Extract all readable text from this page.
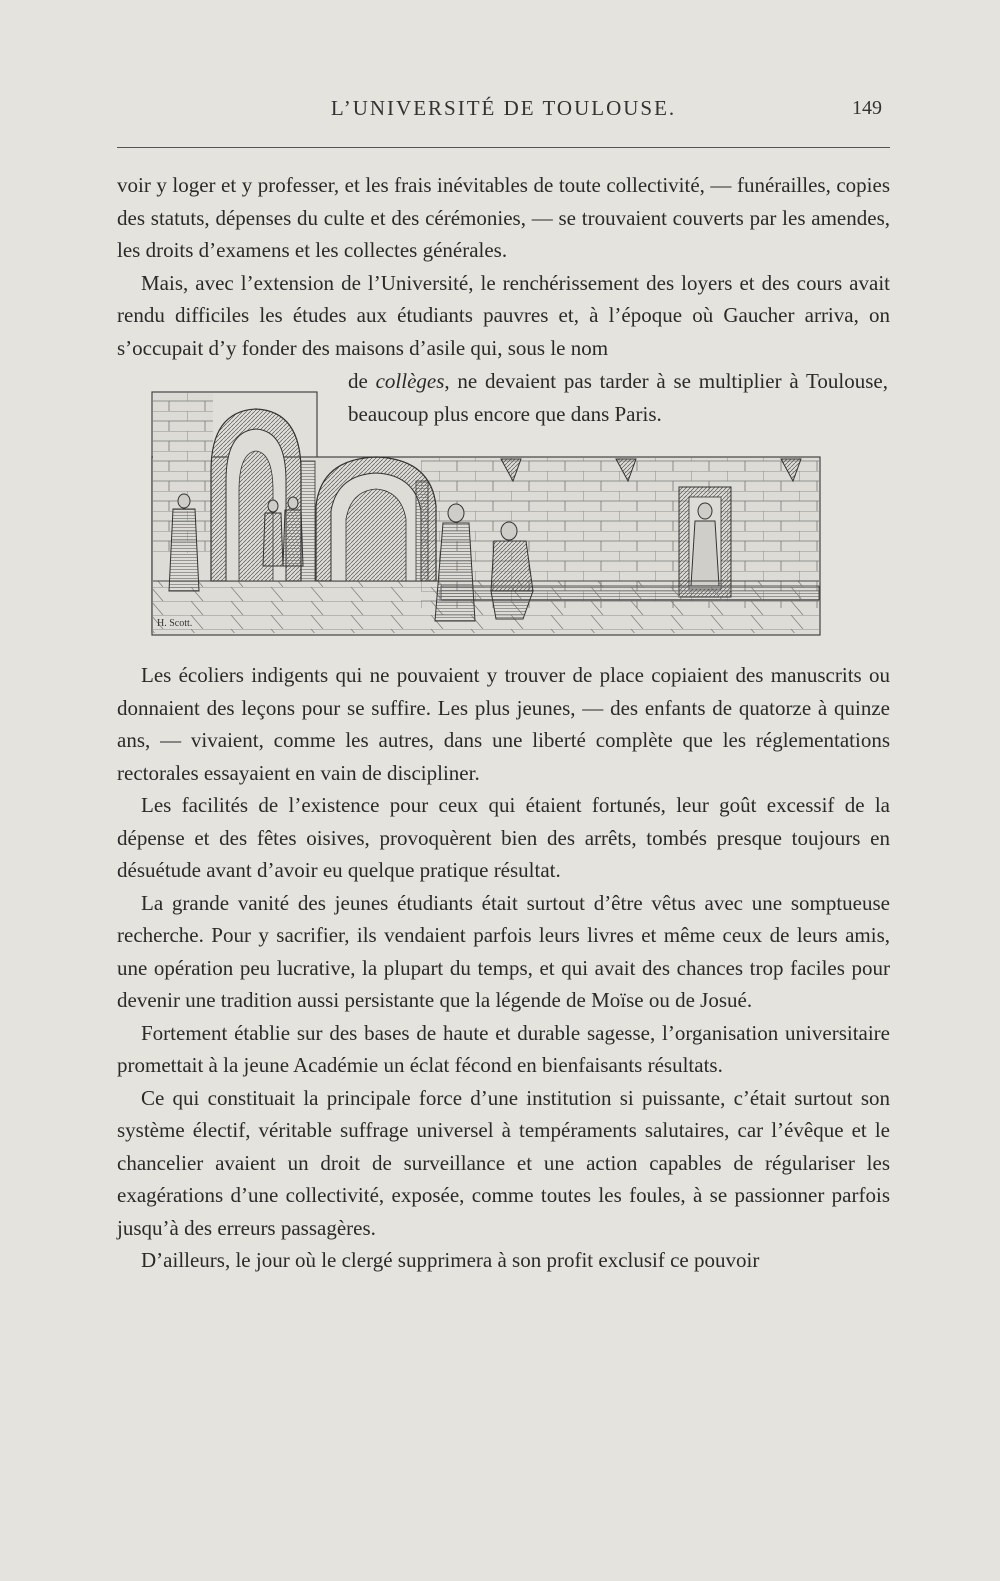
L’UNIVERSITÉ DE TOULOUSE.	149

voir y loger et y professer, et les frais inévitables de toute collectivité, — funérailles, copies des statuts, dépenses du culte et des cérémonies, — se trouvaient couverts par les amendes, les droits d’examens et les collectes générales.

Mais, avec l’extension de l’Université, le renchérissement des loyers et des cours avait rendu difficiles les études aux étudiants pauvres et, à l’époque où Gaucher arriva, on s’occupait d’y fonder des maisons d’asile qui, sous le nom

de collèges, ne devaient pas tarder à se multiplier à Toulouse, beaucoup plus encore que dans Paris.

H. Scott.

Les écoliers indigents qui ne pouvaient y trouver de place copiaient des manuscrits ou donnaient des leçons pour se suffire. Les plus jeunes, — des enfants de quatorze à quinze ans, — vivaient, comme les autres, dans une liberté complète que les réglementations rectorales essayaient en vain de discipliner.

Les facilités de l’existence pour ceux qui étaient fortunés, leur goût excessif de la dépense et des fêtes oisives, provoquèrent bien des arrêts, tombés presque toujours en désuétude avant d’avoir eu quelque pratique résultat.

La grande vanité des jeunes étudiants était surtout d’être vêtus avec une somptueuse recherche. Pour y sacrifier, ils vendaient parfois leurs livres et même ceux de leurs amis, une opération peu lucrative, la plupart du temps, et qui avait des chances trop faciles pour devenir une tradition aussi persistante que la légende de Moïse ou de Josué.

Fortement établie sur des bases de haute et durable sagesse, l’organisation universitaire promettait à la jeune Académie un éclat fécond en bienfaisants résultats.

Ce qui constituait la principale force d’une institution si puissante, c’était surtout son système électif, véritable suffrage universel à tempéraments salutaires, car l’évêque et le chancelier avaient un droit de surveillance et une action capables de régulariser les exagérations d’une collectivité, exposée, comme toutes les foules, à se passionner parfois jusqu’à des erreurs passagères.

D’ailleurs, le jour où le clergé supprimera à son profit exclusif ce pouvoir
